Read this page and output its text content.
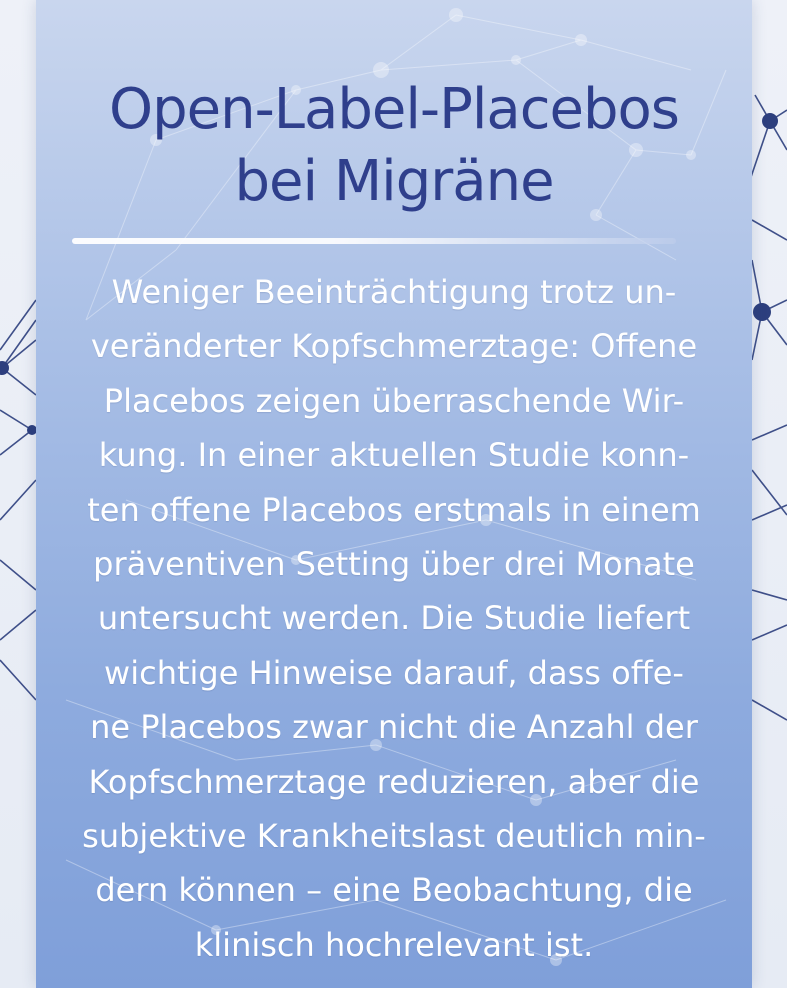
Open-Label-Placebos
bei Migräne
Weniger Beeinträchtigung trotz un-
veränderter Kopfschmerztage: Offene
Placebos zeigen überraschende Wir-
kung. In einer aktuellen Studie konn-
ten offene Placebos erstmals in einem
präventiven Setting über drei Monate
untersucht werden. Die Studie liefert
wichtige Hinweise darauf, dass offe-
ne Placebos zwar nicht die Anzahl der
Kopfschmerztage reduzieren, aber die
subjektive Krankheitslast deutlich min-
dern können – eine Beobachtung, die
klinisch hochrelevant ist.
